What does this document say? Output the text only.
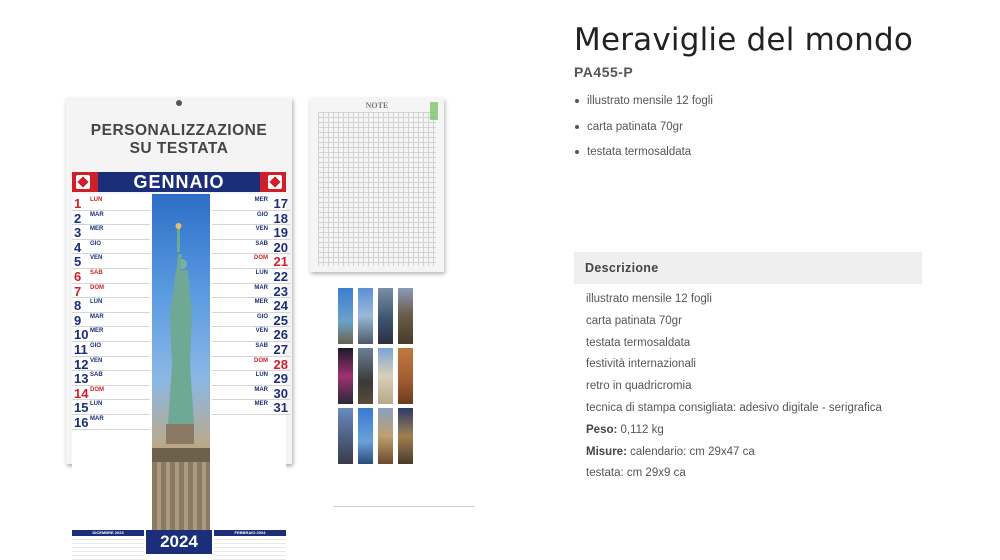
PERSONALIZZAZIONE
SU TESTATA
GENNAIO
1 LUN
2 MAR
3 MER
4 GIO
5 VEN
6 SAB
7 DOM
8 LUN
9 MAR
10 MER
11 GIO
12 VEN
13 SAB
14 DOM
15 LUN
16 MAR
17
MER
18
GIO
19
VEN
20
SAB
21
DOM
22
LUN
23
MAR
24
MER
25
GIO
26
VEN
27
SAB
28
DOM
29
LUN
30
MAR
31
MER
DICEMBRE 2023	2024	FEBBRAIO 2024
NOTE
Meraviglie del mondo
PA455-P
illustrato mensile 12 fogli
carta patinata 70gr
testata termosaldata
Descrizione
illustrato mensile 12 fogli
carta patinata 70gr
testata termosaldata
festività internazionali
retro in quadricromia
tecnica di stampa consigliata: adesivo digitale - serigrafica
Peso: 0,112 kg
Misure: calendario: cm 29x47 ca
testata: cm 29x9 ca
